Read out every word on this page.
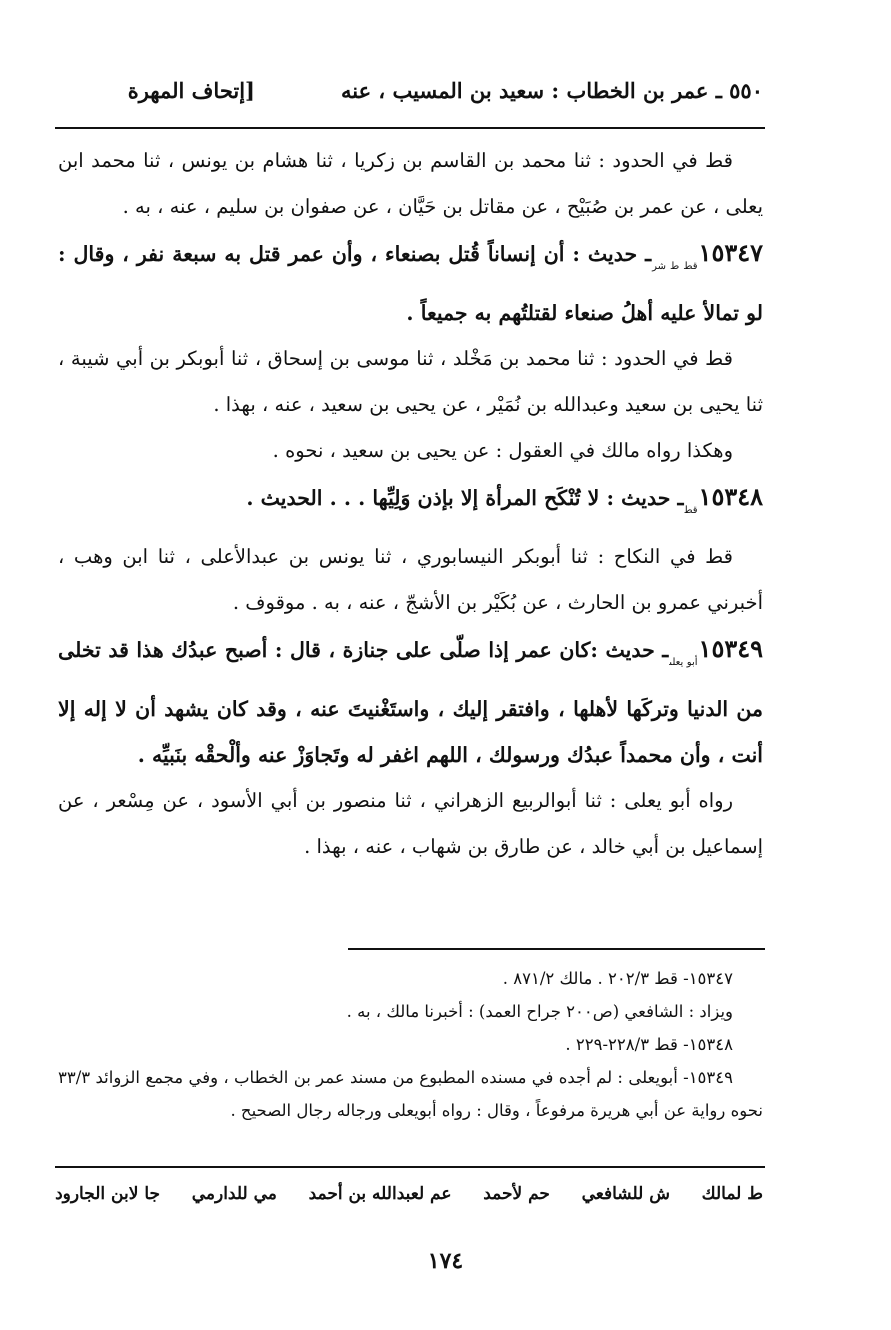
٥٥٠ ـ عمر بن الخطاب : سعيد بن المسيب ، عنه
[إتحاف المهرة

قط في الحدود : ثنا محمد بن القاسم بن زكريا ، ثنا هشام بن يونس ، ثنا محمد ابن يعلى ، عن عمر بن صُبَيْح ، عن مقاتل بن حَيَّان ، عن صفوان بن سليم ، عنه ، به .

$١٥٣٤٧_{قط ط شر}ـ$ حديث : أن إنساناً قُتل بصنعاء ، وأن عمر قتل به سبعة نفر ، وقال : لو تمالأ عليه أهلُ صنعاء لقتلتُهم به جميعاً .

قط في الحدود : ثنا محمد بن مَخْلد ، ثنا موسى بن إسحاق ، ثنا أبوبكر بن أبي شيبة ، ثنا يحيى بن سعيد وعبدالله بن نُمَيْر ، عن يحيى بن سعيد ، عنه ، بهذا .

وهكذا رواه مالك في العقول : عن يحيى بن سعيد ، نحوه .

$١٥٣٤٨_{قط}ـ$ حديث : لا تُنْكَح المرأة إلا بإذن وَلِيِّها . . . الحديث .

قط في النكاح : ثنا أبوبكر النيسابوري ، ثنا يونس بن عبدالأعلى ، ثنا ابن وهب ، أخبرني عمرو بن الحارث ، عن بُكَيْر بن الأشجّ ، عنه ، به . موقوف .

$١٥٣٤٩_{أبو يعلى}ـ$ حديث :كان عمر إذا صلّى على جنازة ، قال : أصبح عبدُك هذا قد تخلى من الدنيا وتركَها لأهلها ، وافتقر إليك ، واستَغْنيتَ عنه ، وقد كان يشهد أن لا إله إلا أنت ، وأن محمداً عبدُك ورسولك ، اللهم اغفر له وتَجاوَزْ عنه وألْحقْه بنَبيِّه .

رواه أبو يعلى : ثنا أبوالربيع الزهراني ، ثنا منصور بن أبي الأسود ، عن مِسْعر ، عن إسماعيل بن أبي خالد ، عن طارق بن شهاب ، عنه ، بهذا .

١٥٣٤٧- قط ٢٠٢/٣ . مالك ٨٧١/٢ .

ويزاد : الشافعي (ص٢٠٠ جراح العمد) : أخبرنا مالك ، به .

١٥٣٤٨- قط ٢٢٨/٣-٢٢٩ .

١٥٣٤٩- أبويعلى : لم أجده في مسنده المطبوع من مسند عمر بن الخطاب ، وفي مجمع الزوائد ٣٣/٣ نحوه رواية عن أبي هريرة مرفوعاً ، وقال : رواه أبويعلى ورجاله رجال الصحيح .

ط لمالك
ش للشافعي
حم لأحمد
عم لعبدالله بن أحمد
مي للدارمي
جا لابن الجارود
١٧٤
